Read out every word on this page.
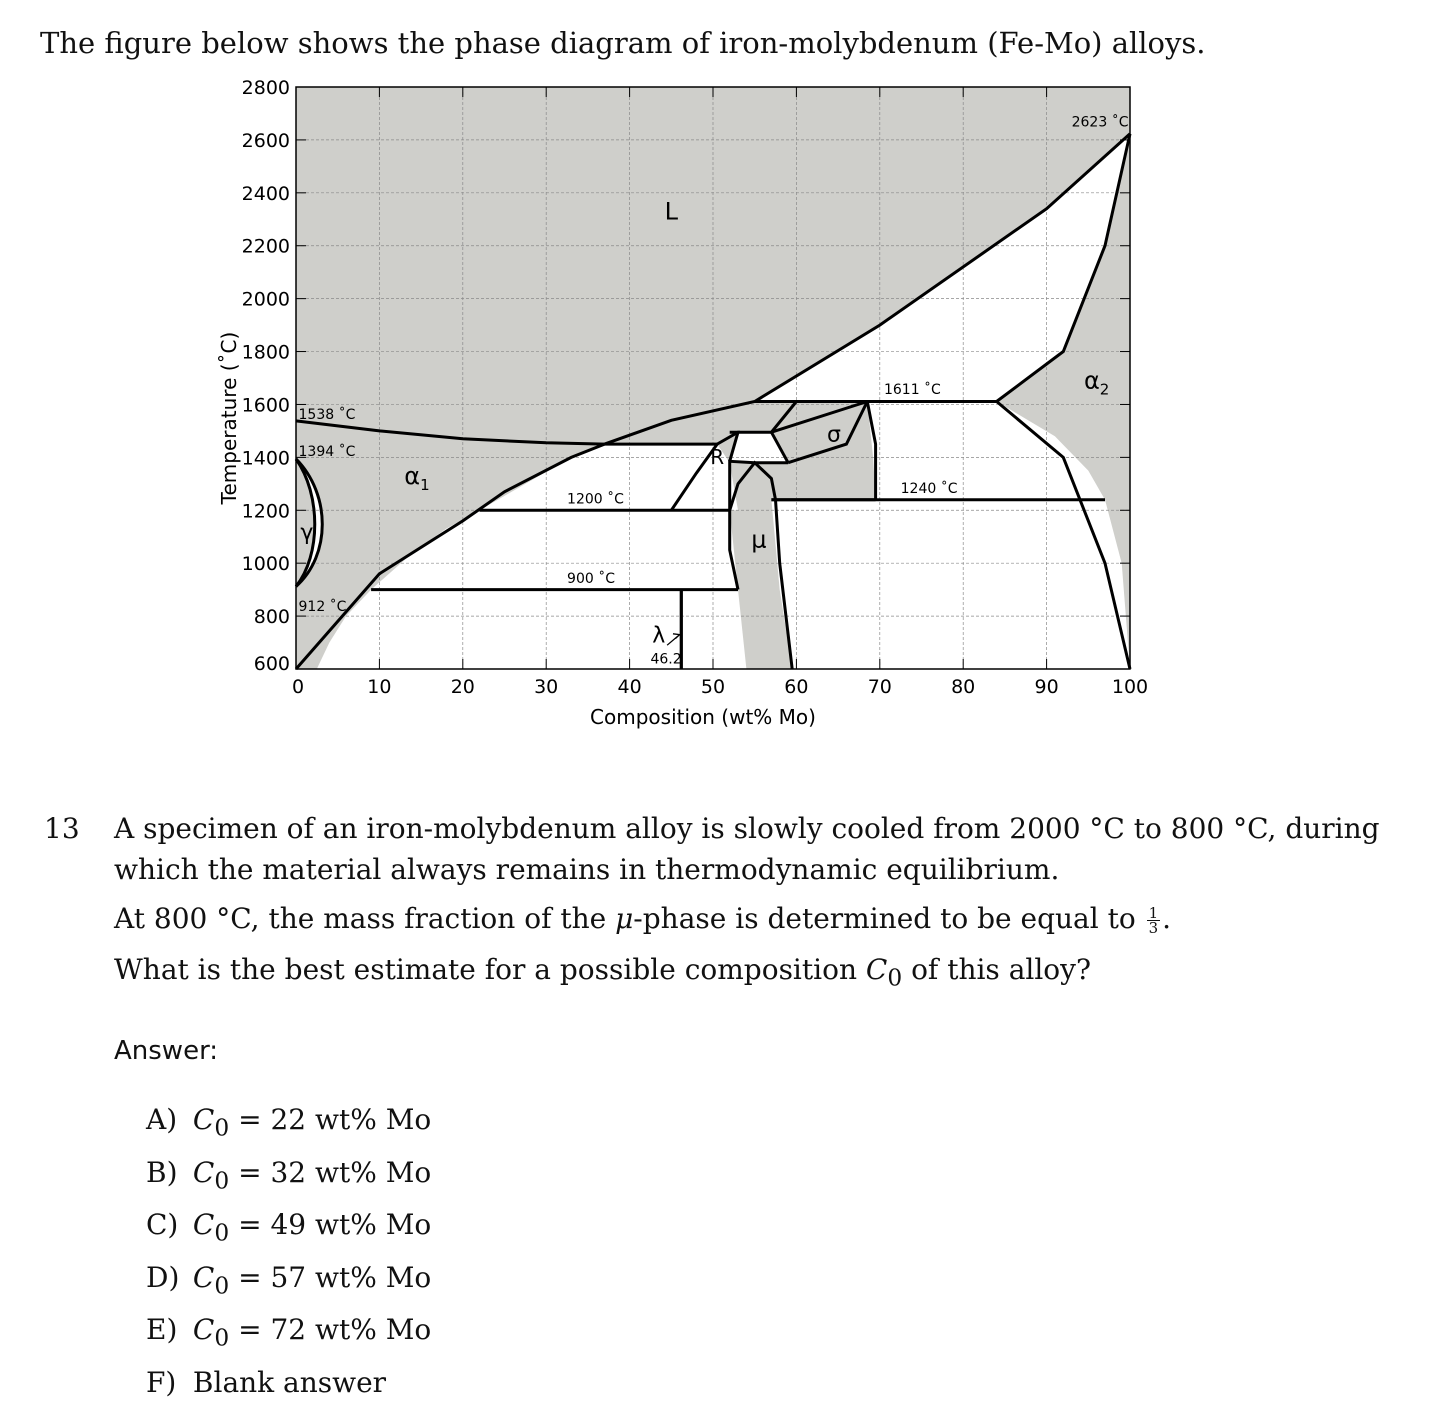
The figure below shows the phase diagram of iron-molybdenum (Fe-Mo) alloys.
0	10	20	30	40	50	60	70	80	90	100
600
800
1000
1200
1400
1600
1800
2000
2200
2400
2600
2800
Composition (wt% Mo)
Temperature (˚C)
L
$\alpha_1$
γ
R
σ
μ
$\alpha_2$
λ
1538 ˚C
1394 ˚C
912 ˚C
1200 ˚C
900 ˚C
1611 ˚C
1240 ˚C
2623 ˚C
46.2
13 A specimen of an iron-molybdenum alloy is slowly cooled from 2000 °C to 800 °C, during which the material always remains in thermodynamic equilibrium.

At 800 °C, the mass fraction of the μ-phase is determined to be equal to $\frac{1}{3}$ .

What is the best estimate for a possible composition $C_0$ of this alloy?

Answer:
A) $C_0 = 22$ wt% Mo
B) $C_0 = 32$ wt% Mo
C) $C_0 = 49$ wt% Mo
D) $C_0 = 57$ wt% Mo
E) $C_0 = 72$ wt% Mo
F) Blank answer
